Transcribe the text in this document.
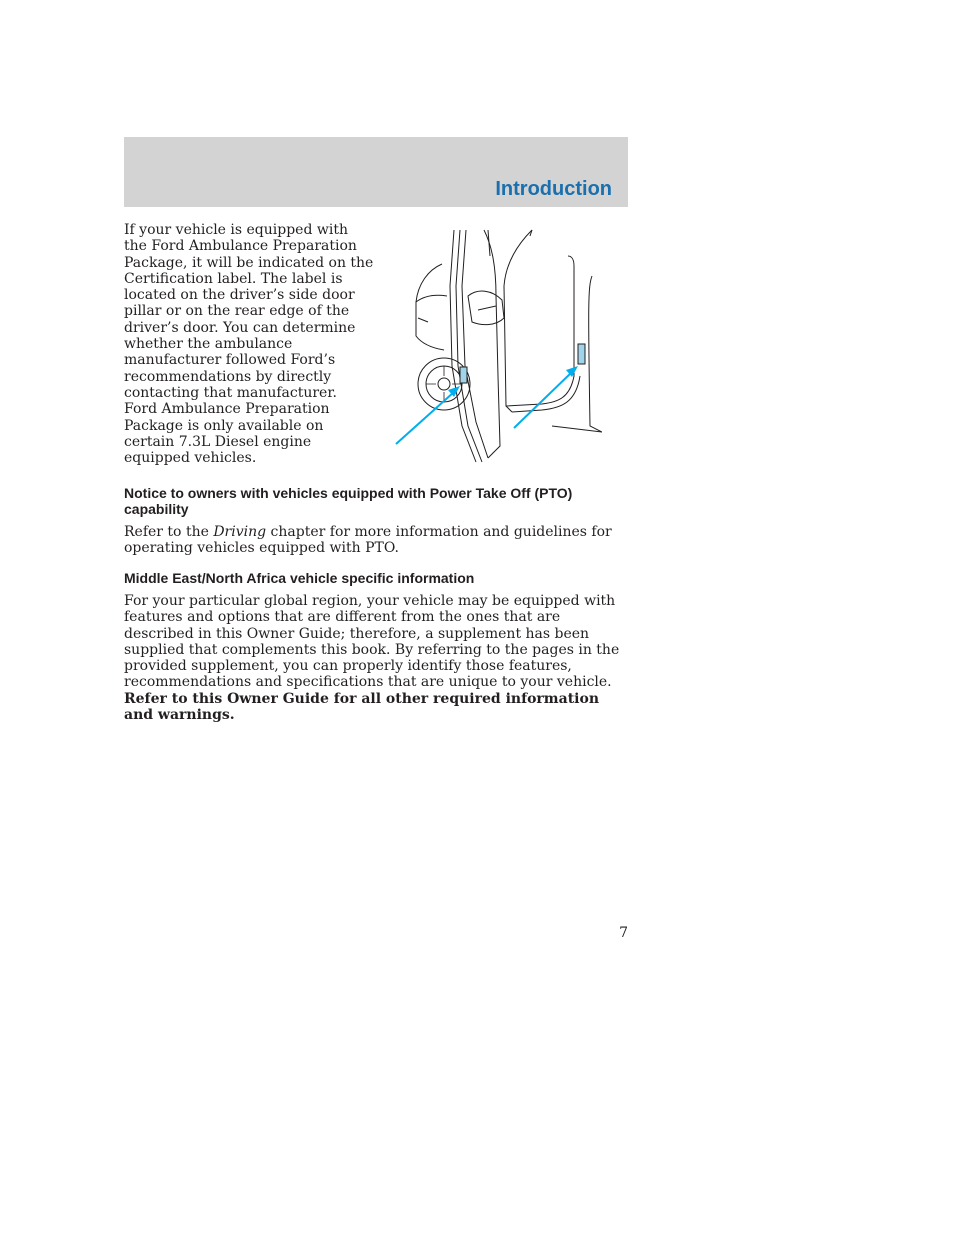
Introduction

If your vehicle is equipped with the Ford Ambulance Preparation Package, it will be indicated on the Certification label. The label is located on the driver’s side door pillar or on the rear edge of the driver’s door. You can determine whether the ambulance manufacturer followed Ford’s recommendations by directly contacting that manufacturer. Ford Ambulance Preparation Package is only available on certain 7.3L Diesel engine equipped vehicles.

Notice to owners with vehicles equipped with Power Take Off (PTO) capability

Refer to the Driving chapter for more information and guidelines for operating vehicles equipped with PTO.

Middle East/North Africa vehicle specific information

For your particular global region, your vehicle may be equipped with features and options that are different from the ones that are described in this Owner Guide; therefore, a supplement has been supplied that complements this book. By referring to the pages in the provided supplement, you can properly identify those features, recommendations and specifications that are unique to your vehicle. Refer to this Owner Guide for all other required information and warnings.

7
